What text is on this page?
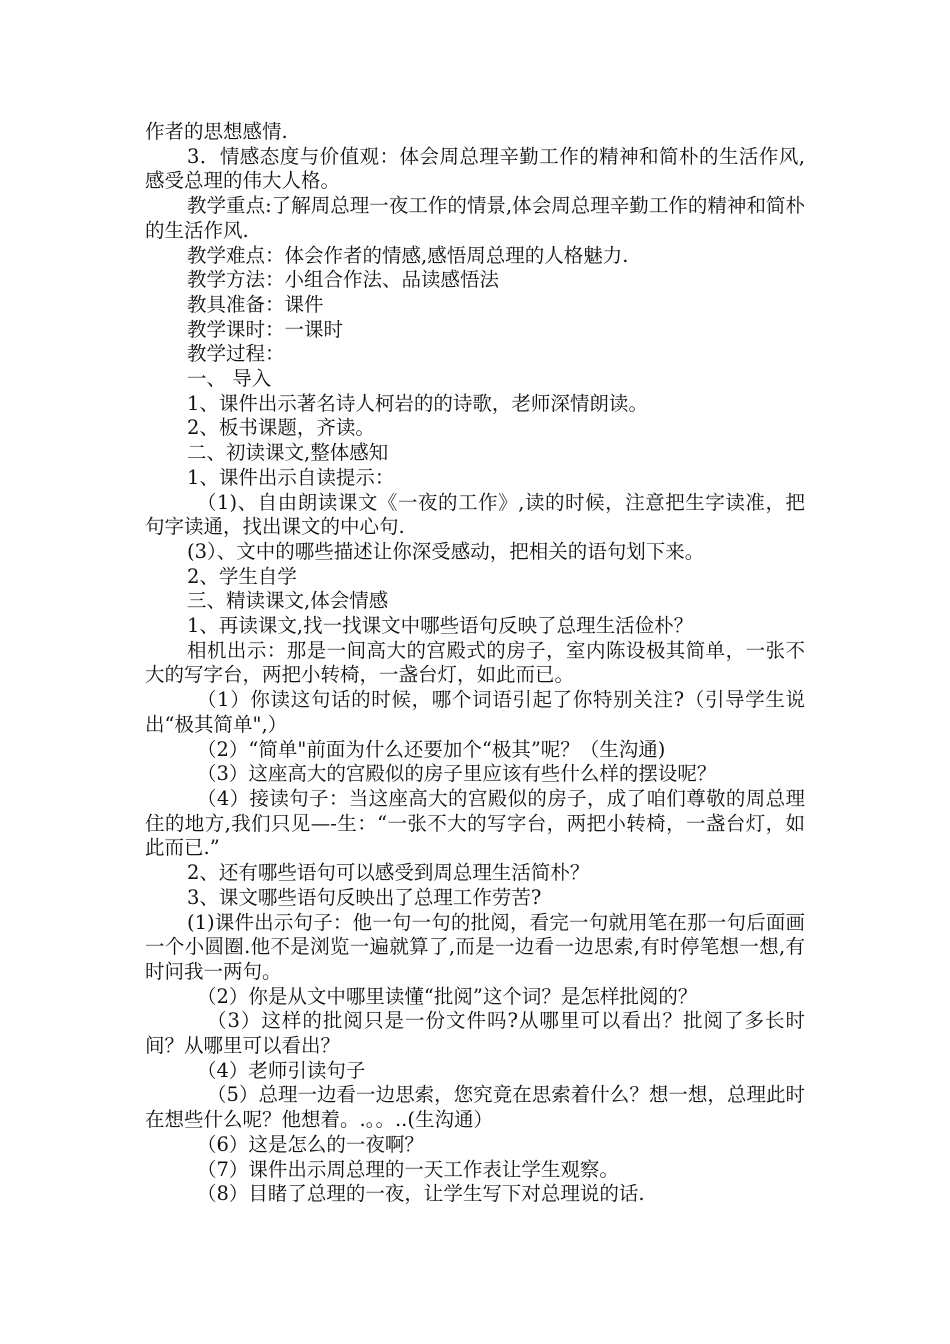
作者的思想感情.

3．情感态度与价值观：体会周总理辛勤工作的精神和简朴的生活作风,感受总理的伟大人格。

教学重点:了解周总理一夜工作的情景,体会周总理辛勤工作的精神和简朴的生活作风.

教学难点：体会作者的情感,感悟周总理的人格魅力.

教学方法：小组合作法、品读感悟法

教具准备：课件

教学课时：一课时

教学过程：

一、 导入

1、课件出示著名诗人柯岩的的诗歌，老师深情朗读。

2、板书课题，齐读。

二、初读课文,整体感知

1、课件出示自读提示：

（1)、自由朗读课文《一夜的工作》,读的时候，注意把生字读准，把句字读通，找出课文的中心句.

(3）、文中的哪些描述让你深受感动，把相关的语句划下来。

2、学生自学

三、精读课文,体会情感

1、再读课文,找一找课文中哪些语句反映了总理生活俭朴？

相机出示：那是一间高大的宫殿式的房子，室内陈设极其简单，一张不大的写字台，两把小转椅，一盏台灯，如此而已。

（1）你读这句话的时候，哪个词语引起了你特别关注?（引导学生说出“极其简单",）

（2）“简单"前面为什么还要加个“极其”呢？（生沟通)

（3）这座高大的宫殿似的房子里应该有些什么样的摆设呢？

（4）接读句子：当这座高大的宫殿似的房子，成了咱们尊敬的周总理住的地方,我们只见—-生：“一张不大的写字台，两把小转椅，一盏台灯，如此而已.”

2、还有哪些语句可以感受到周总理生活简朴？

3、课文哪些语句反映出了总理工作劳苦?

(1)课件出示句子：他一句一句的批阅，看完一句就用笔在那一句后面画一个小圆圈.他不是浏览一遍就算了,而是一边看一边思索,有时停笔想一想,有时问我一两句。

（2）你是从文中哪里读懂“批阅”这个词？是怎样批阅的？

（3）这样的批阅只是一份文件吗?从哪里可以看出？批阅了多长时间？从哪里可以看出？

（4）老师引读句子

（5）总理一边看一边思索，您究竟在思索着什么？想一想，总理此时在想些什么呢？他想着。.。。..(生沟通）

（6）这是怎么的一夜啊？

（7）课件出示周总理的一天工作表让学生观察。

（8）目睹了总理的一夜，让学生写下对总理说的话.
